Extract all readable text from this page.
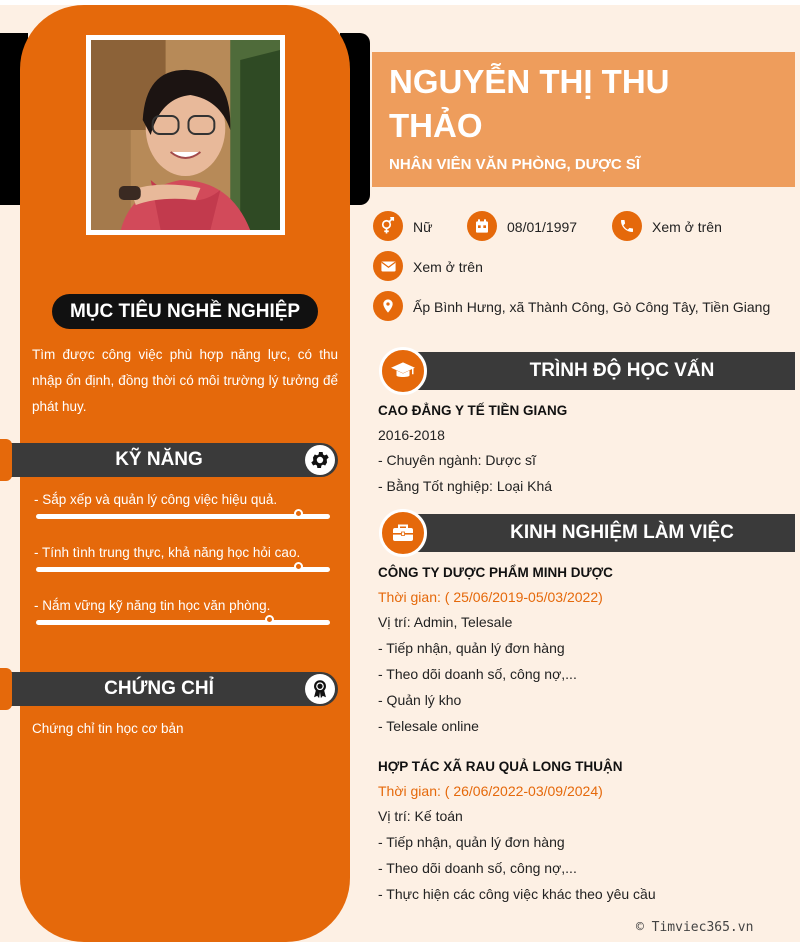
MỤC TIÊU NGHỀ NGHIỆP
Tìm được công việc phù hợp năng lực, có thu nhập ổn định, đồng thời có môi trường lý tưởng để phát huy.
KỸ NĂNG
- Sắp xếp và quản lý công việc hiệu quả.
- Tính tình trung thực, khả năng học hỏi cao.
- Nắm vững kỹ năng tin học văn phòng.
CHỨNG CHỈ
Chứng chỉ tin học cơ bản
NGUYỄN THỊ THU THẢO
NHÂN VIÊN VĂN PHÒNG, DƯỢC SĨ
Nữ	08/01/1997	Xem ở trên
Xem ở trên
Ấp Bình Hưng, xã Thành Công, Gò Công Tây, Tiền Giang
TRÌNH ĐỘ HỌC VẤN
CAO ĐẲNG Y TẾ TIỀN GIANG
2016-2018
- Chuyên ngành: Dược sĩ
- Bằng Tốt nghiệp: Loại Khá
KINH NGHIỆM LÀM VIỆC
CÔNG TY DƯỢC PHẨM MINH DƯỢC
Thời gian: ( 25/06/2019-05/03/2022)
Vị trí: Admin, Telesale
- Tiếp nhận, quản lý đơn hàng
- Theo dõi doanh số, công nợ,...
- Quản lý kho
- Telesale online
HỢP TÁC XÃ RAU QUẢ LONG THUẬN
Thời gian: ( 26/06/2022-03/09/2024)
Vị trí: Kế toán
- Tiếp nhận, quản lý đơn hàng
- Theo dõi doanh số, công nợ,...
- Thực hiện các công việc khác theo yêu cầu
© Timviec365.vn
